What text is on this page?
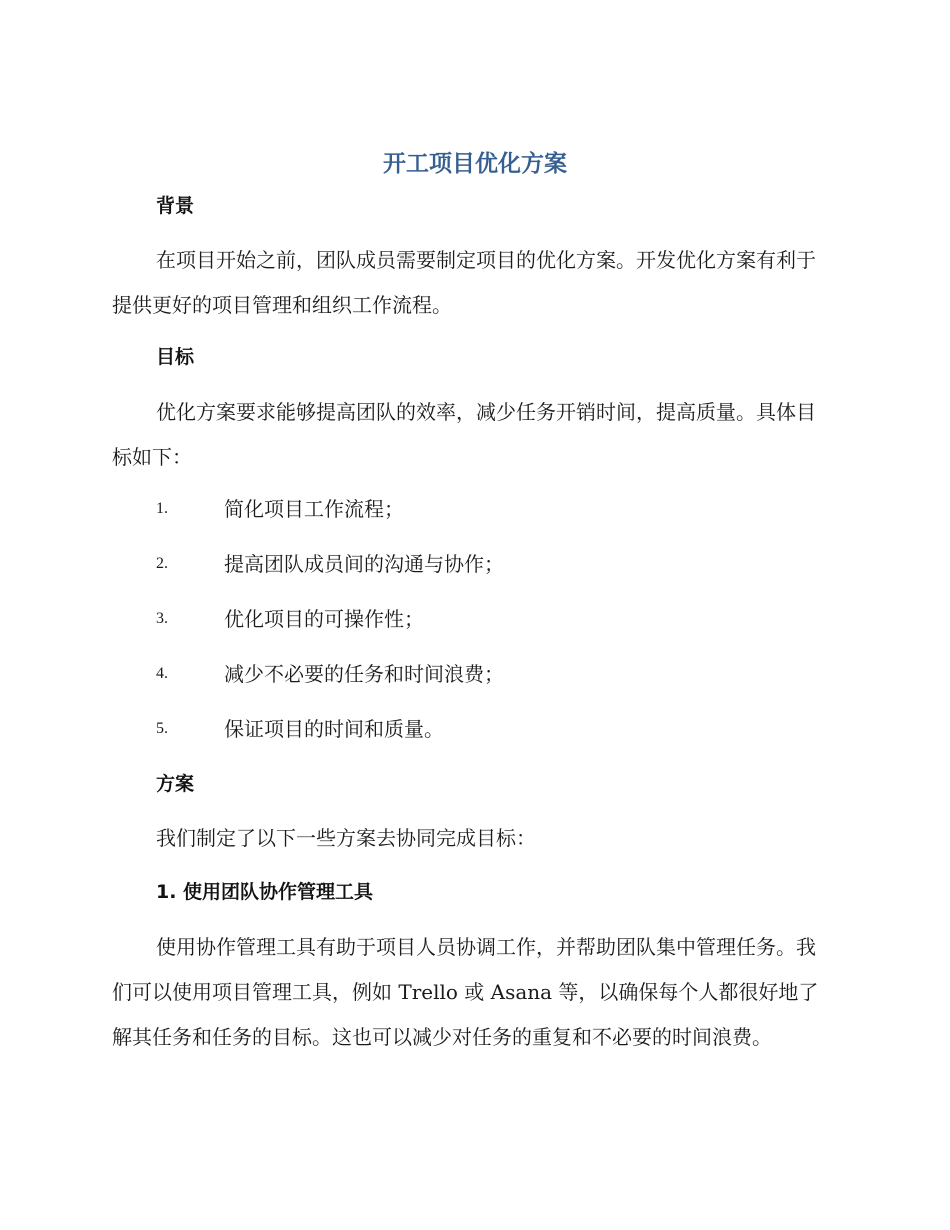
开工项目优化方案
背景

在项目开始之前，团队成员需要制定项目的优化方案。开发优化方案有利于提供更好的项目管理和组织工作流程。

目标

优化方案要求能够提高团队的效率，减少任务开销时间，提高质量。具体目标如下：

1.	简化项目工作流程；
2.	提高团队成员间的沟通与协作；
3.	优化项目的可操作性；
4.	减少不必要的任务和时间浪费；
5.	保证项目的时间和质量。
方案

我们制定了以下一些方案去协同完成目标：

1. 使用团队协作管理工具

使用协作管理工具有助于项目人员协调工作，并帮助团队集中管理任务。我们可以使用项目管理工具，例如 Trello 或 Asana 等，以确保每个人都很好地了解其任务和任务的目标。这也可以减少对任务的重复和不必要的时间浪费。
